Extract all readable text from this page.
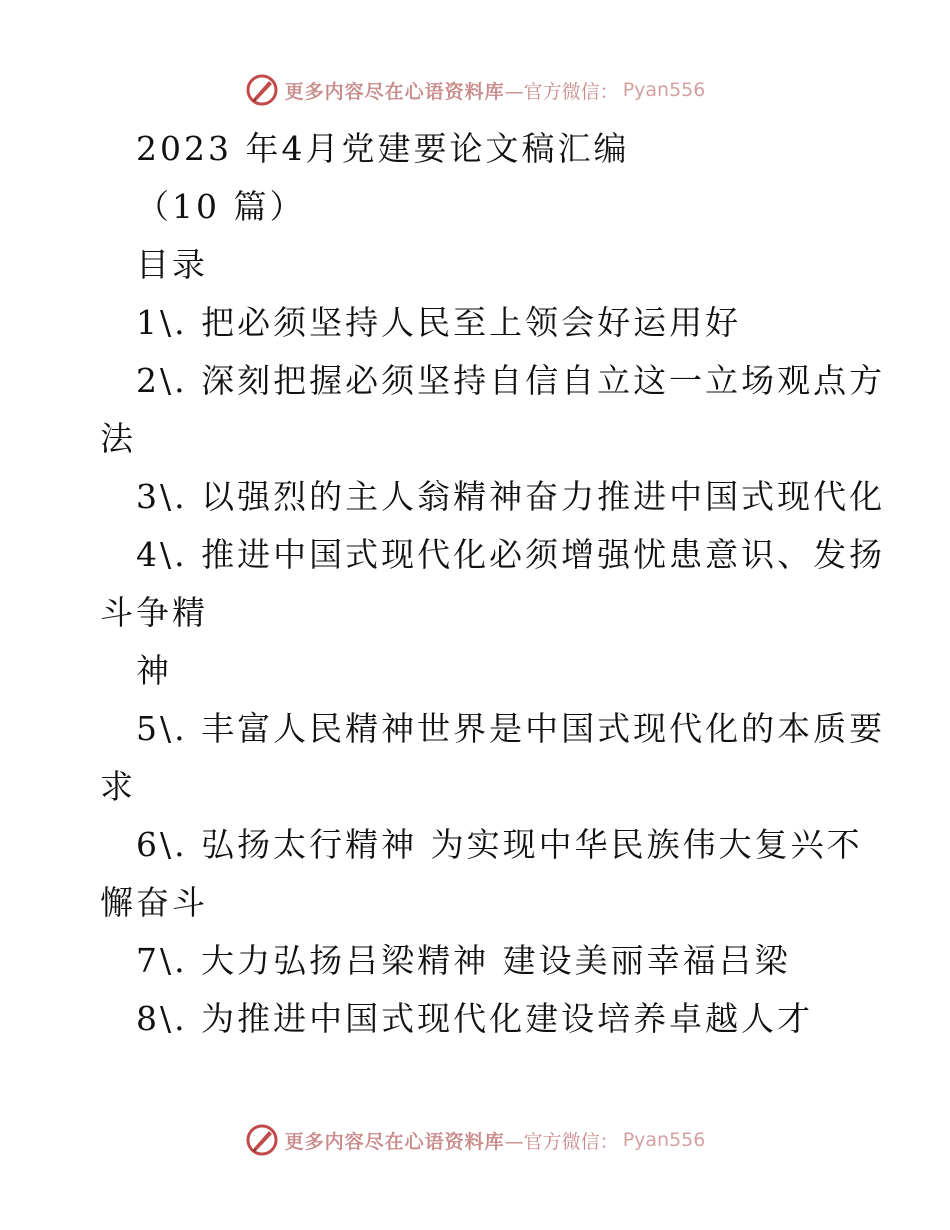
更多内容尽在心语资料库 —官方微信： Pyan556
2023 年4月党建要论文稿汇编
（10 篇）
目录
1\. 把必须坚持人民至上领会好运用好
2\. 深刻把握必须坚持自信自立这一立场观点方
法
3\. 以强烈的主人翁精神奋力推进中国式现代化
4\. 推进中国式现代化必须增强忧患意识、发扬
斗争精
神
5\. 丰富人民精神世界是中国式现代化的本质要
求
6\. 弘扬太行精神 为实现中华民族伟大复兴不
懈奋斗
7\. 大力弘扬吕梁精神 建设美丽幸福吕梁
8\. 为推进中国式现代化建设培养卓越人才
更多内容尽在心语资料库 —官方微信： Pyan556
